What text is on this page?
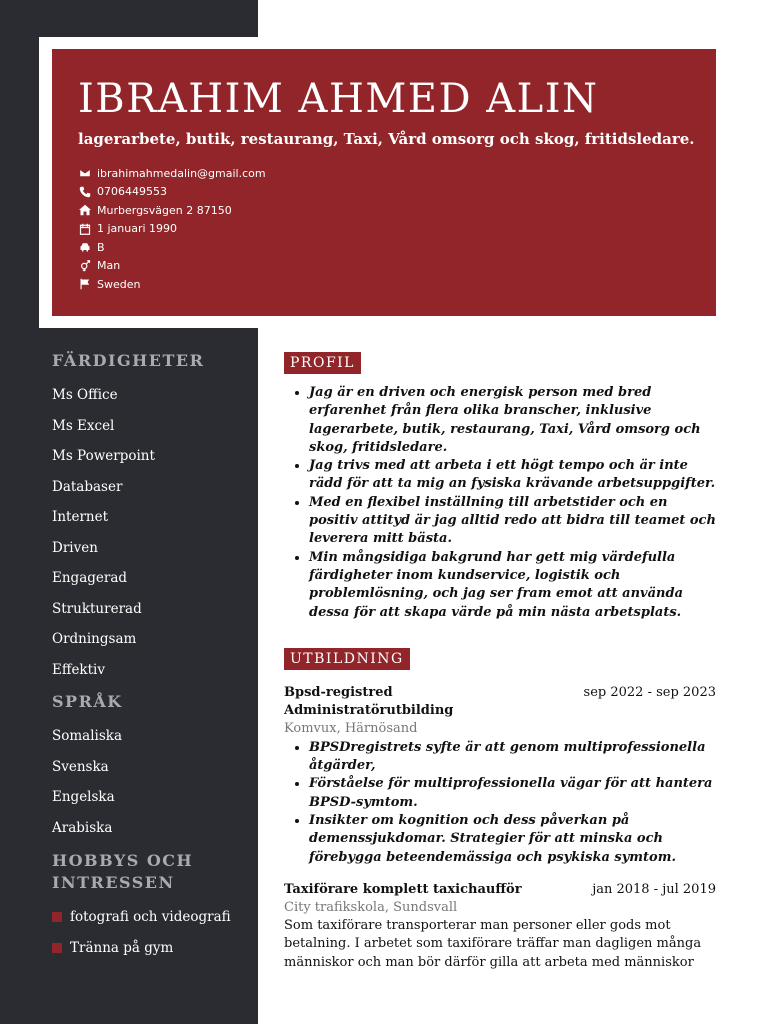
IBRAHIM AHMED ALIN
lagerarbete, butik, restaurang, Taxi, Vård omsorg och skog, fritidsledare.
ibrahimahmedalin@gmail.com
0706449553
Murbergsvägen 2 87150
1 januari 1990
B
Man
Sweden
FÄRDIGHETER
Ms Office
Ms Excel
Ms Powerpoint
Databaser
Internet
Driven
Engagerad
Strukturerad
Ordningsam
Effektiv
SPRÅK
Somaliska
Svenska
Engelska
Arabiska
HOBBYS OCH INTRESSEN
fotografi och videografi
Tränna på gym
PROFIL
• Jag är en driven och energisk person med bred erfarenhet från flera olika branscher, inklusive lagerarbete, butik, restaurang, Taxi, Vård omsorg och skog, fritidsledare.
• Jag trivs med att arbeta i ett högt tempo och är inte rädd för att ta mig an fysiska krävande arbetsuppgifter.
• Med en flexibel inställning till arbetstider och en positiv attityd är jag alltid redo att bidra till teamet och leverera mitt bästa.
• Min mångsidiga bakgrund har gett mig värdefulla färdigheter inom kundservice, logistik och problemlösning, och jag ser fram emot att använda dessa för att skapa värde på min nästa arbetsplats.
UTBILDNING
Bpsd-registred Administratörutbilding
sep 2022 - sep 2023
Komvux, Härnösand
• BPSDregistrets syfte är att genom multiprofessionella åtgärder,
• Förståelse för multiprofessionella vägar för att hantera BPSD-symtom.
• Insikter om kognition och dess påverkan på demenssjukdomar. Strategier för att minska och förebygga beteendemässiga och psykiska symtom.
Taxiförare komplett taxichaufför	jan 2018 - jul 2019
City trafikskola, Sundsvall
Som taxiförare transporterar man personer eller gods mot betalning. I arbetet som taxiförare träffar man dagligen många människor och man bör därför gilla att arbeta med människor
